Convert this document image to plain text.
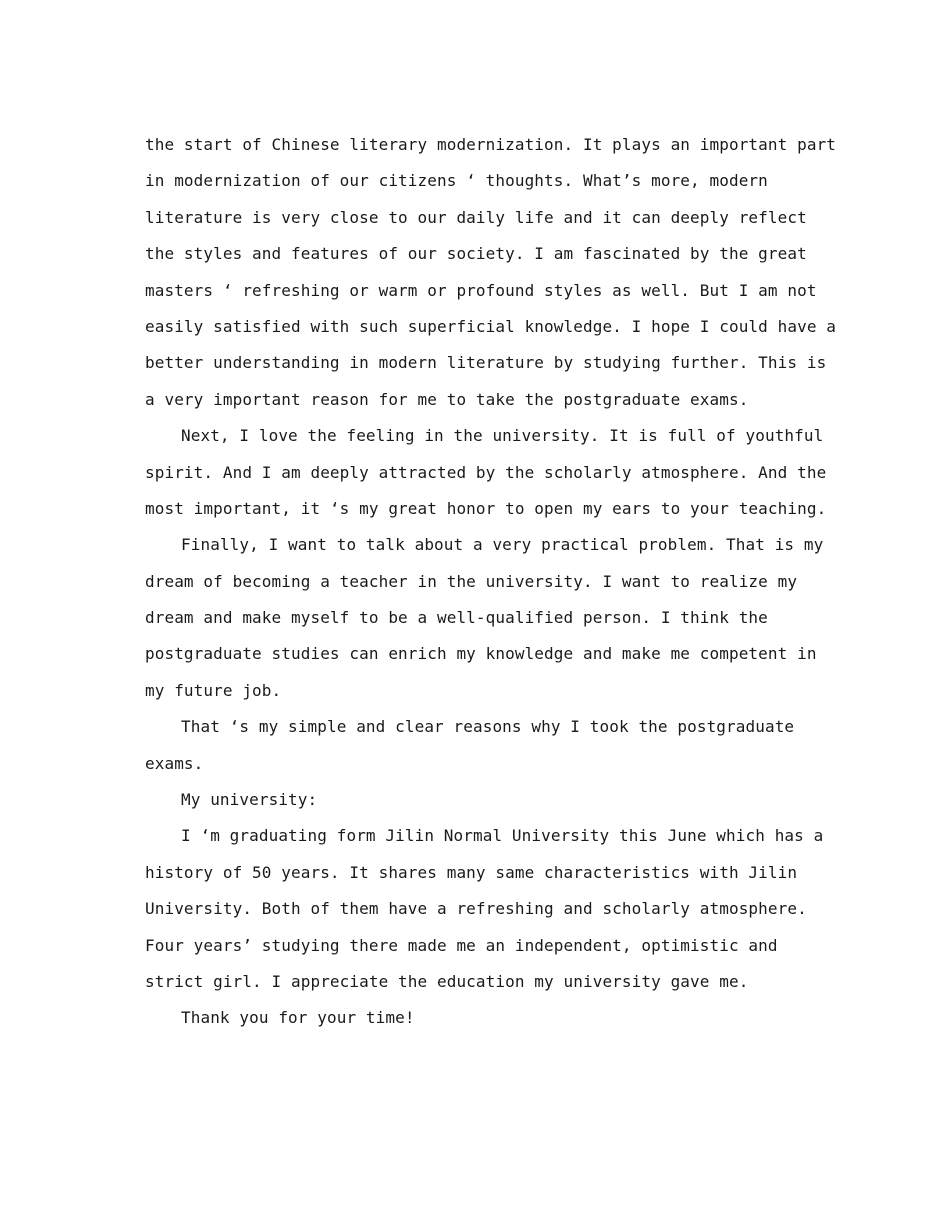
the start of Chinese literary modernization. It plays an important part
in modernization of our citizens ‘ thoughts. What’s more, modern
literature is very close to our daily life and it can deeply reflect
the styles and features of our society. I am fascinated by the great
masters ‘ refreshing or warm or profound styles as well. But I am not
easily satisfied with such superficial knowledge. I hope I could have a
better understanding in modern literature by studying further. This is
a very important reason for me to take the postgraduate exams.
Next, I love the feeling in the university. It is full of youthful
spirit. And I am deeply attracted by the scholarly atmosphere. And the
most important, it ‘s my great honor to open my ears to your teaching.
Finally, I want to talk about a very practical problem. That is my
dream of becoming a teacher in the university. I want to realize my
dream and make myself to be a well-qualified person. I think the
postgraduate studies can enrich my knowledge and make me competent in
my future job.
That ‘s my simple and clear reasons why I took the postgraduate
exams.
My university:
I ‘m graduating form Jilin Normal University this June which has a
history of 50 years. It shares many same characteristics with Jilin
University. Both of them have a refreshing and scholarly atmosphere.
Four years’ studying there made me an independent, optimistic and
strict girl. I appreciate the education my university gave me.
Thank you for your time!
